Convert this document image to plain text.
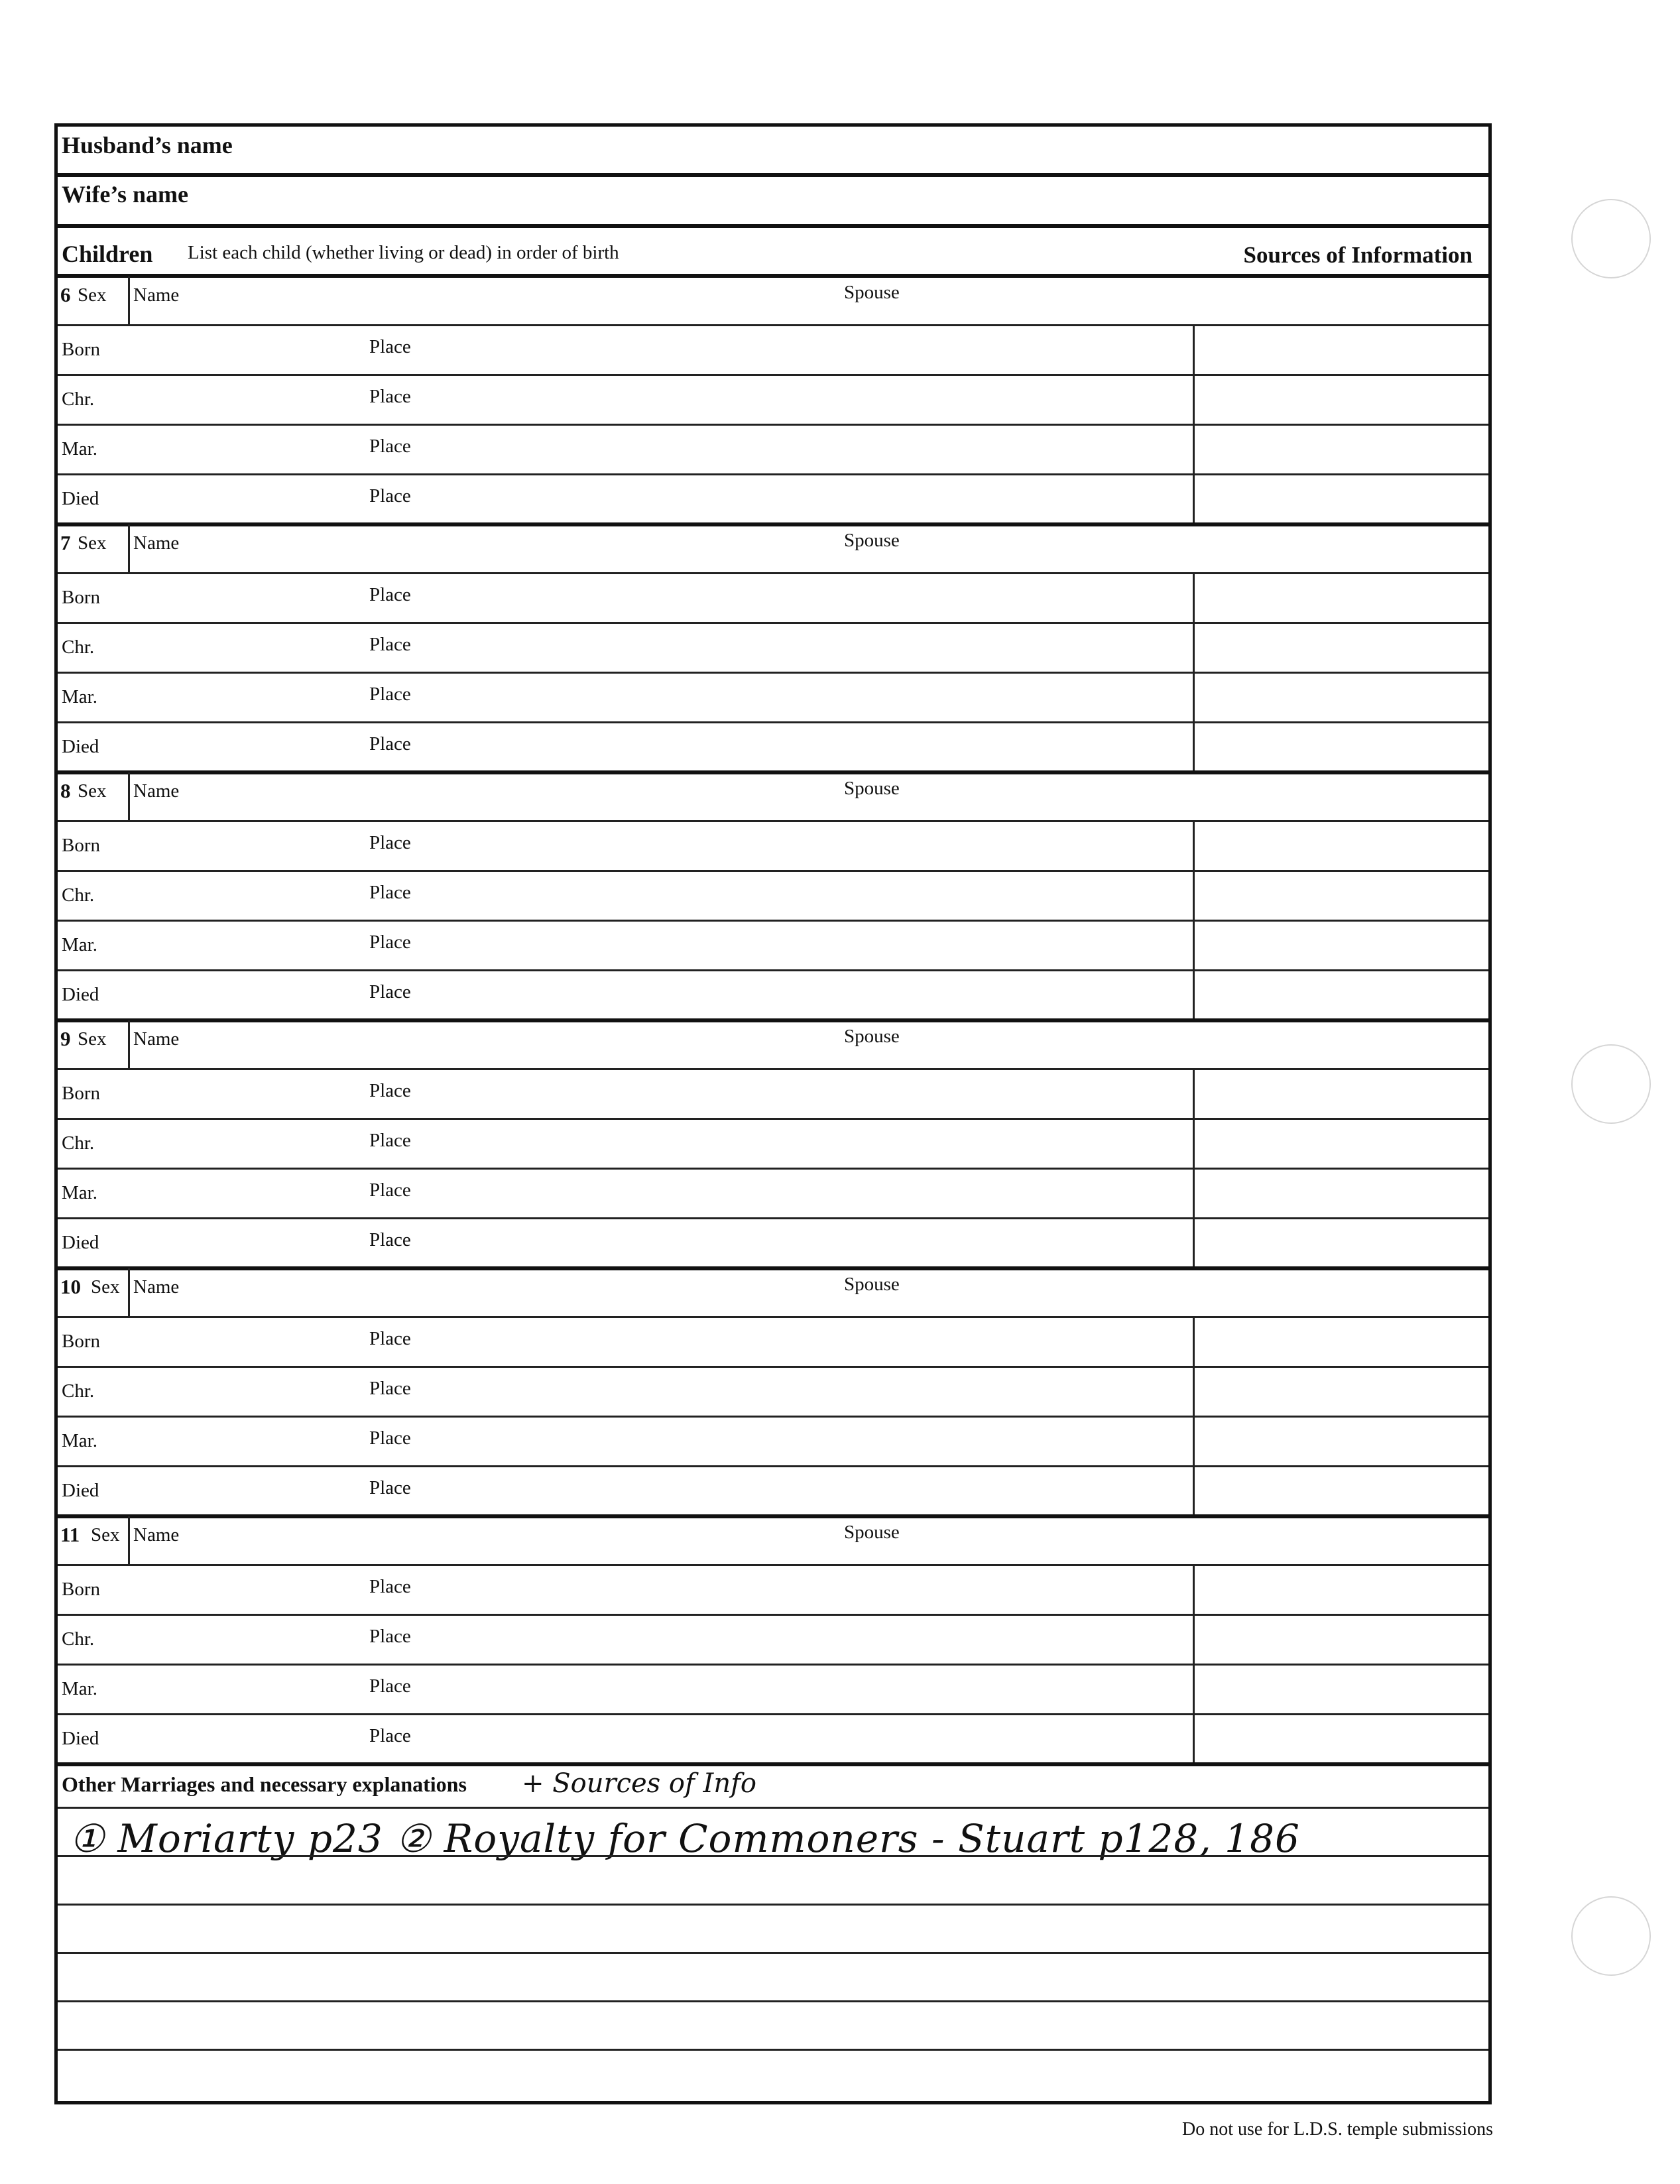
Husband’s name
Wife’s name
Children List each child (whether living or dead) in order of birth	Sources of Information
6 Sex Name	Spouse
Born	Place
Chr.	Place
Mar.	Place
Died	Place
7 Sex Name	Spouse
Born	Place
Chr.	Place
Mar.	Place
Died	Place
8 Sex Name	Spouse
Born	Place
Chr.	Place
Mar.	Place
Died	Place
9 Sex Name	Spouse
Born	Place
Chr.	Place
Mar.	Place
Died	Place
10 Sex Name	Spouse
Born	Place
Chr.	Place
Mar.	Place
Died	Place
11 Sex Name	Spouse
Born	Place
Chr.	Place
Mar.	Place
Died	Place
Other Marriages and necessary explanations + Sources of Info
① Moriarty p23 ② Royalty for Commoners - Stuart p128, 186
Do not use for L.D.S. temple submissions
